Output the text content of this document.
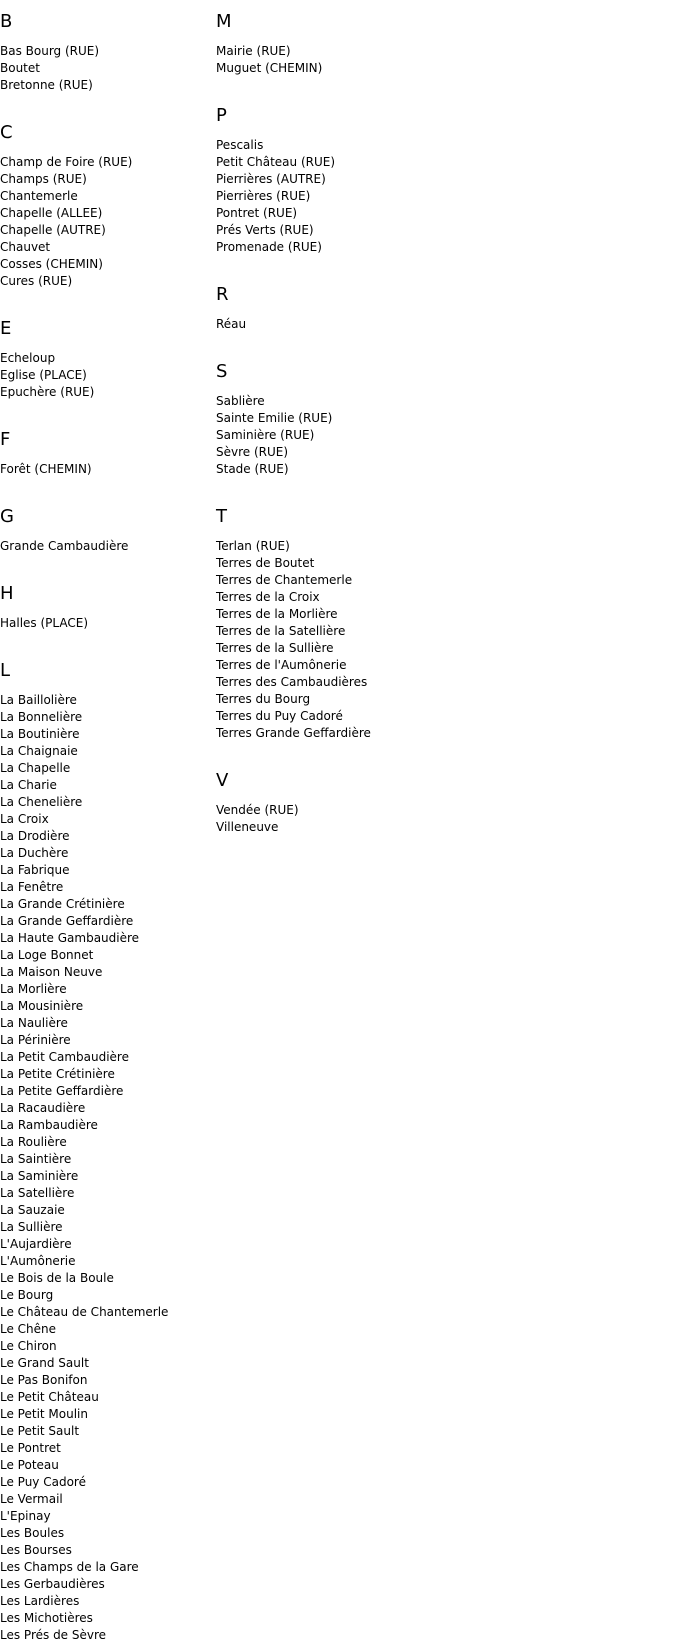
B
Bas Bourg (RUE)
Boutet
Bretonne (RUE)
C
Champ de Foire (RUE)
Champs (RUE)
Chantemerle
Chapelle (ALLEE)
Chapelle (AUTRE)
Chauvet
Cosses (CHEMIN)
Cures (RUE)
E
Echeloup
Eglise (PLACE)
Epuchère (RUE)
F
Forêt (CHEMIN)
G
Grande Cambaudière
H
Halles (PLACE)
L
La Baillolière
La Bonnelière
La Boutinière
La Chaignaie
La Chapelle
La Charie
La Chenelière
La Croix
La Drodière
La Duchère
La Fabrique
La Fenêtre
La Grande Crétinière
La Grande Geffardière
La Haute Gambaudière
La Loge Bonnet
La Maison Neuve
La Morlière
La Mousinière
La Naulière
La Périnière
La Petit Cambaudière
La Petite Crétinière
La Petite Geffardière
La Racaudière
La Rambaudière
La Roulière
La Saintière
La Saminière
La Satellière
La Sauzaie
La Sullière
L'Aujardière
L'Aumônerie
Le Bois de la Boule
Le Bourg
Le Château de Chantemerle
Le Chêne
Le Chiron
Le Grand Sault
Le Pas Bonifon
Le Petit Château
Le Petit Moulin
Le Petit Sault
Le Pontret
Le Poteau
Le Puy Cadoré
Le Vermail
L'Epinay
Les Boules
Les Bourses
Les Champs de la Gare
Les Gerbaudières
Les Lardières
Les Michotières
Les Prés de Sèvre
M
Mairie (RUE)
Muguet (CHEMIN)
P
Pescalis
Petit Château (RUE)
Pierrières (AUTRE)
Pierrières (RUE)
Pontret (RUE)
Prés Verts (RUE)
Promenade (RUE)
R
Réau
S
Sablière
Sainte Emilie (RUE)
Saminière (RUE)
Sèvre (RUE)
Stade (RUE)
T
Terlan (RUE)
Terres de Boutet
Terres de Chantemerle
Terres de la Croix
Terres de la Morlière
Terres de la Satellière
Terres de la Sullière
Terres de l'Aumônerie
Terres des Cambaudières
Terres du Bourg
Terres du Puy Cadoré
Terres Grande Geffardière
V
Vendée (RUE)
Villeneuve
